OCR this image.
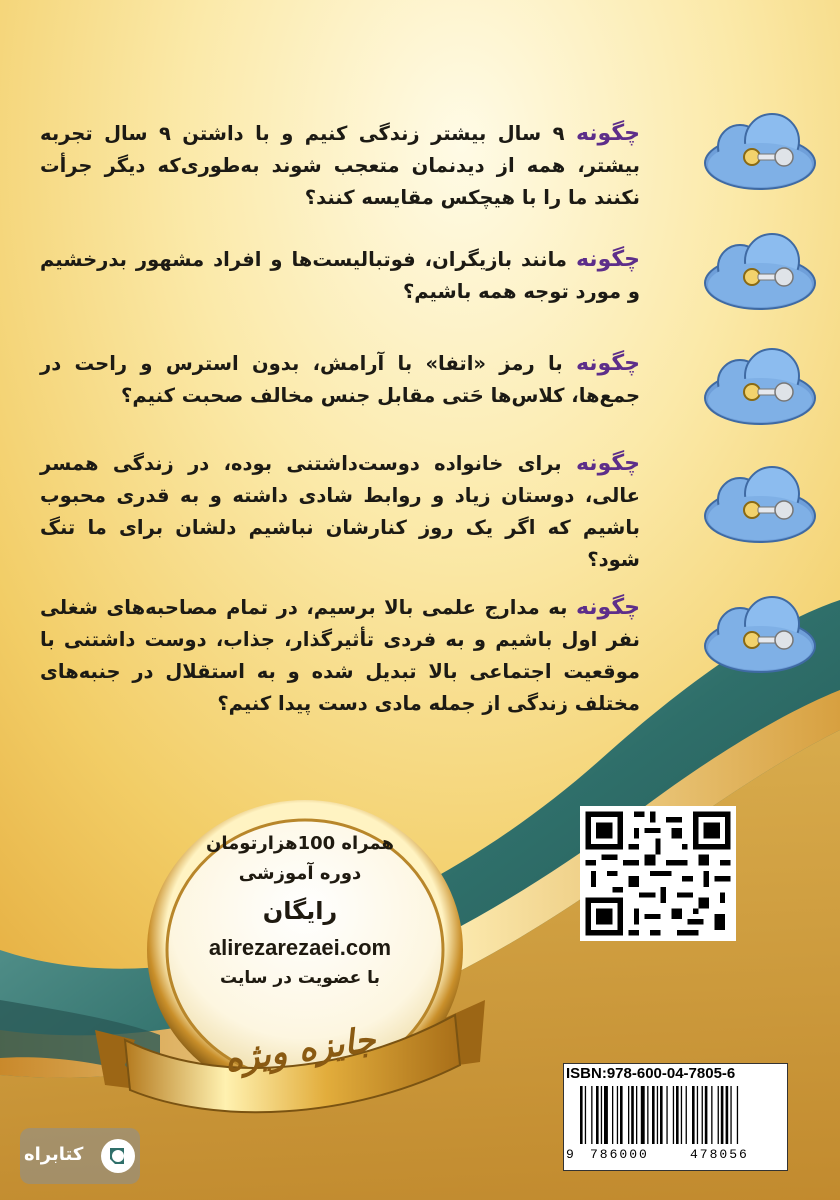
چگونه ۹ سال بیشتر زندگی کنیم و با داشتن ۹ سال تجربه بیشتر، همه از دیدنمان متعجب شوند به‌طوری‌که دیگر جرأت نکنند ما را با هیچکس مقایسه کنند؟
چگونه مانند بازیگران، فوتبالیست‌ها و افراد مشهور بدرخشیم و مورد توجه همه باشیم؟
چگونه با رمز «اتفا» با آرامش، بدون استرس و راحت در جمع‌ها، کلاس‌ها حَتی مقابل جنس مخالف صحبت کنیم؟
چگونه برای خانواده دوست‌داشتنی بوده، در زندگی همسر عالی، دوستان زیاد و روابط شادی داشته و به قدری محبوب باشیم که اگر یک روز کنارشان نباشیم دلشان برای ما تنگ شود؟
چگونه به مدارج علمی بالا برسیم، در تمام مصاحبه‌های شغلی نفر اول باشیم و به فردی تأثیرگذار، جذاب، دوست داشتنی با موقعیت اجتماعی بالا تبدیل شده و به استقلال در جنبه‌های مختلف زندگی از جمله مادی دست پیدا کنیم؟
همراه 100هزارتومان
دوره آموزشی
رایگان
alirezarezaei.com
با عضویت در سایت
جایزه ویژه	ISBN:978-600-04-7805-6
9 786000	478056
کتابراه
